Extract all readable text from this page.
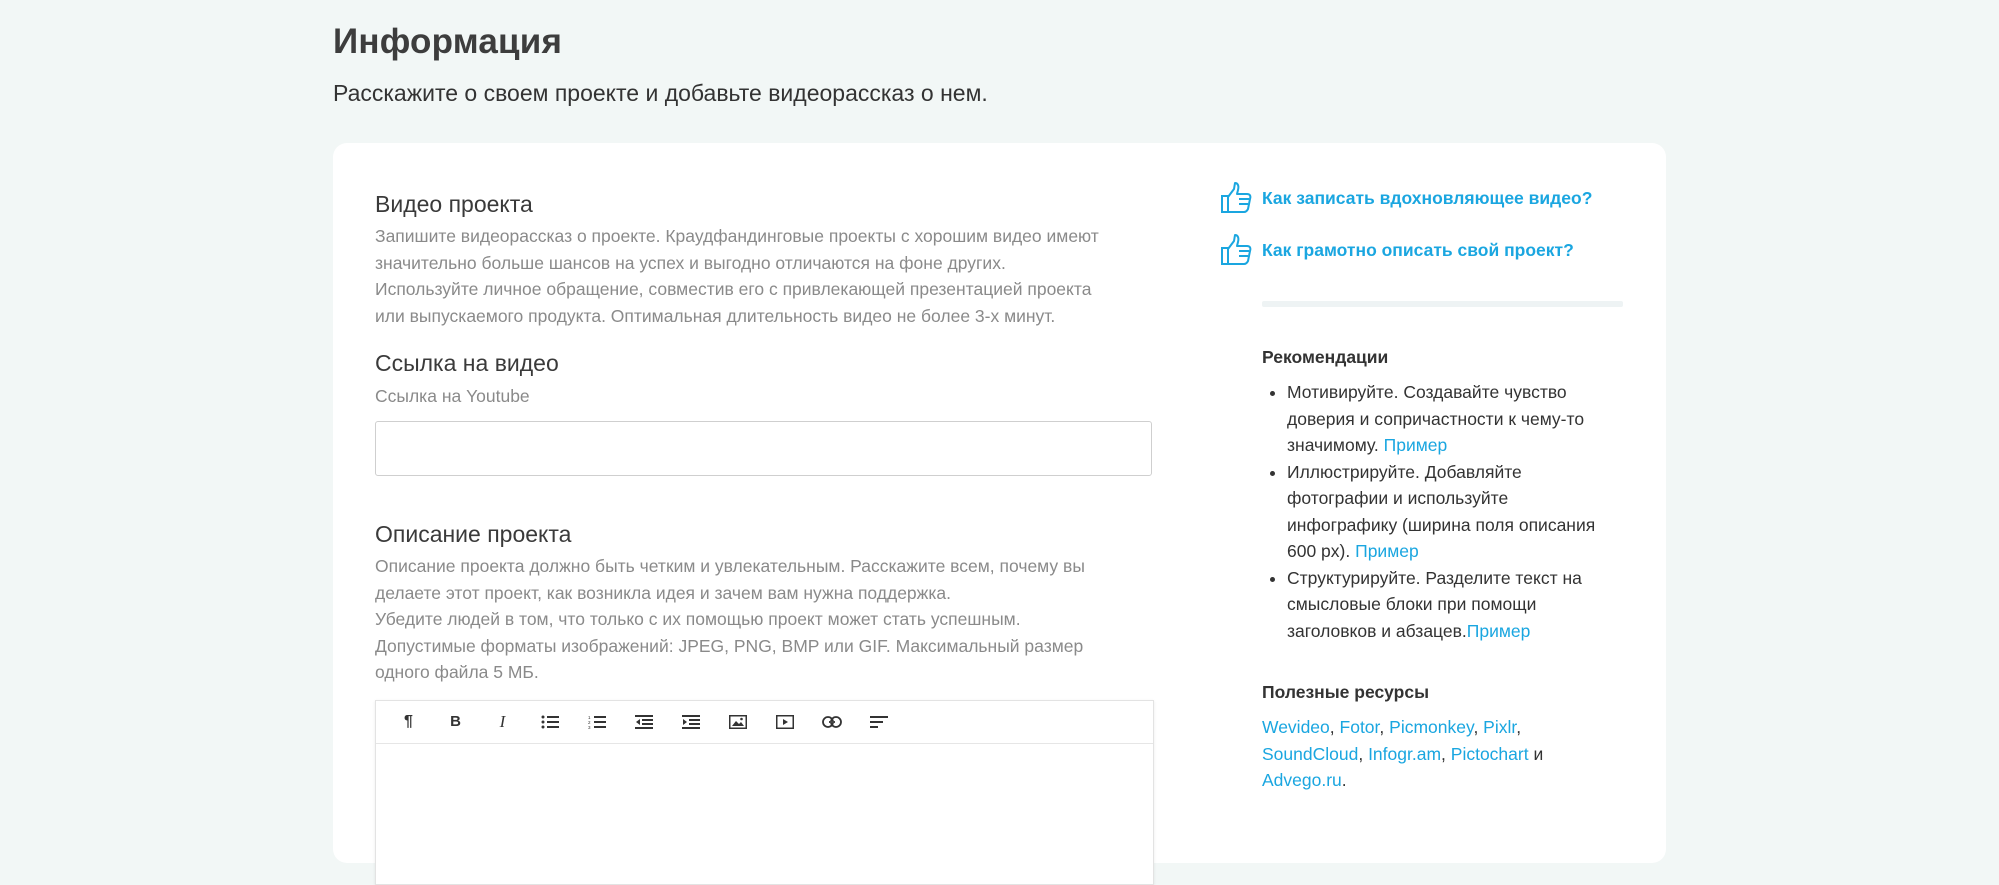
Информация

Расскажите о своем проекте и добавьте видеорассказ о нем.

Видео проекта
Запишите видеорассказ о проекте. Краудфандинговые проекты с хорошим видео имеют
значительно больше шансов на успех и выгодно отличаются на фоне других.
Используйте личное обращение, совместив его с привлекающей презентацией проекта
или выпускаемого продукта. Оптимальная длительность видео не более 3-х минут.
Ссылка на видео
Ссылка на Youtube
Описание проекта
Описание проекта должно быть четким и увлекательным. Расскажите всем, почему вы
делаете этот проект, как возникла идея и зачем вам нужна поддержка.
Убедите людей в том, что только с их помощью проект может стать успешным.
Допустимые форматы изображений: JPEG, PNG, BMP или GIF. Максимальный размер
одного файла 5 МБ.
¶	B	I	1
2
3
Как записать вдохновляющее видео?
Как грамотно описать свой проект?
Рекомендации
• Мотивируйте. Создавайте чувство доверия и сопричастности к чему-то значимому. Пример
• Иллюстрируйте. Добавляйте фотографии и используйте инфографику (ширина поля описания 600 px). Пример
• Структурируйте. Разделите текст на смысловые блоки при помощи заголовков и абзацев.Пример
Полезные ресурсы
Wevideo, Fotor, Picmonkey, Pixlr, SoundCloud, Infogr.am, Pictochart и Advego.ru.
